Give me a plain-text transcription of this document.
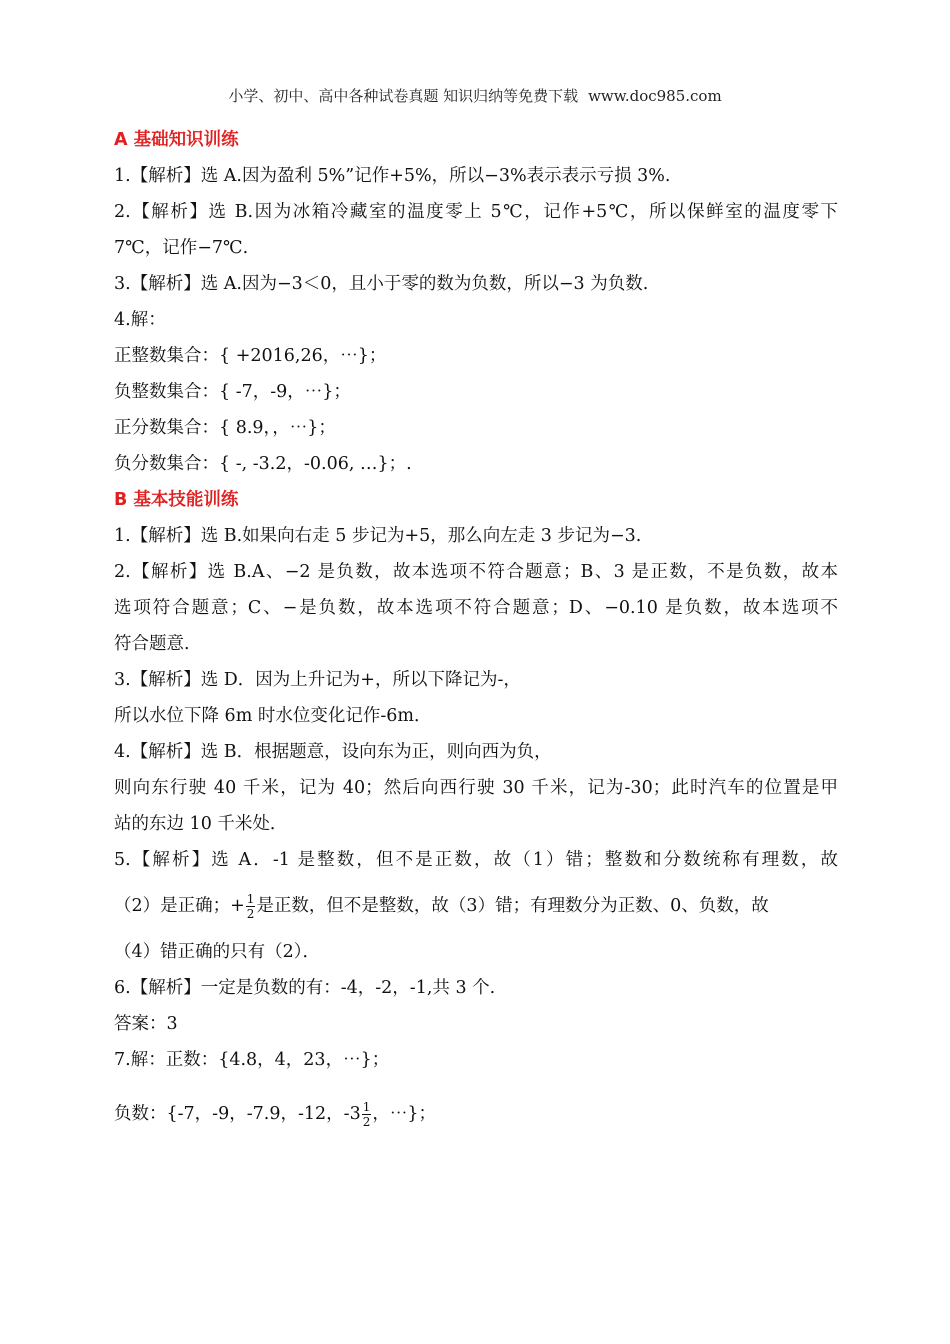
小学、初中、高中各种试卷真题 知识归纳等免费下载 www.doc985.com
A 基础知识训练
1.【解析】选 A.因为盈利 5%”记作+5%，所以−3%表示表示亏损 3%.
2.【解析】选 B.因为冰箱冷藏室的温度零上 5℃，记作+5℃，所以保鲜室的温度零下
7℃，记作−7℃.
3.【解析】选 A.因为−3＜0，且小于零的数为负数，所以−3 为负数.
4.解：
正整数集合：{ +2016,26，⋯}；
负整数集合：{ -7，-9，⋯}；
正分数集合：{ 8.9，，⋯}；
负分数集合：{ -, -3.2，-0.06, …}；.
B 基本技能训练
1.【解析】选 B.如果向右走 5 步记为+5，那么向左走 3 步记为−3.
2.【解析】选 B.A、−2 是负数，故本选项不符合题意；B、3 是正数，不是负数，故本
选项符合题意；C、−是负数，故本选项不符合题意；D、−0.10 是负数，故本选项不
符合题意.
3.【解析】选 D．因为上升记为+，所以下降记为-，
所以水位下降 6m 时水位变化记作-6m．
4.【解析】选 B．根据题意，设向东为正，则向西为负，
则向东行驶 40 千米，记为 40；然后向西行驶 30 千米，记为-30；此时汽车的位置是甲
站的东边 10 千米处．
5.【解析】选 A．-1 是整数，但不是正数，故（1）错；整数和分数统称有理数，故
（2）是正确；+ $\frac{1}{2}$ 是正数，但不是整数，故（3）错；有理数分为正数、0、负数，故
（4）错正确的只有（2）．
6.【解析】一定是负数的有：-4，-2，-1,共 3 个.
答案：3
7.解：正数：{4.8，4，23，⋯}；
负数：{-7，-9，-7.9，-12，$-3 \frac{1}{2}$ ，⋯}；
